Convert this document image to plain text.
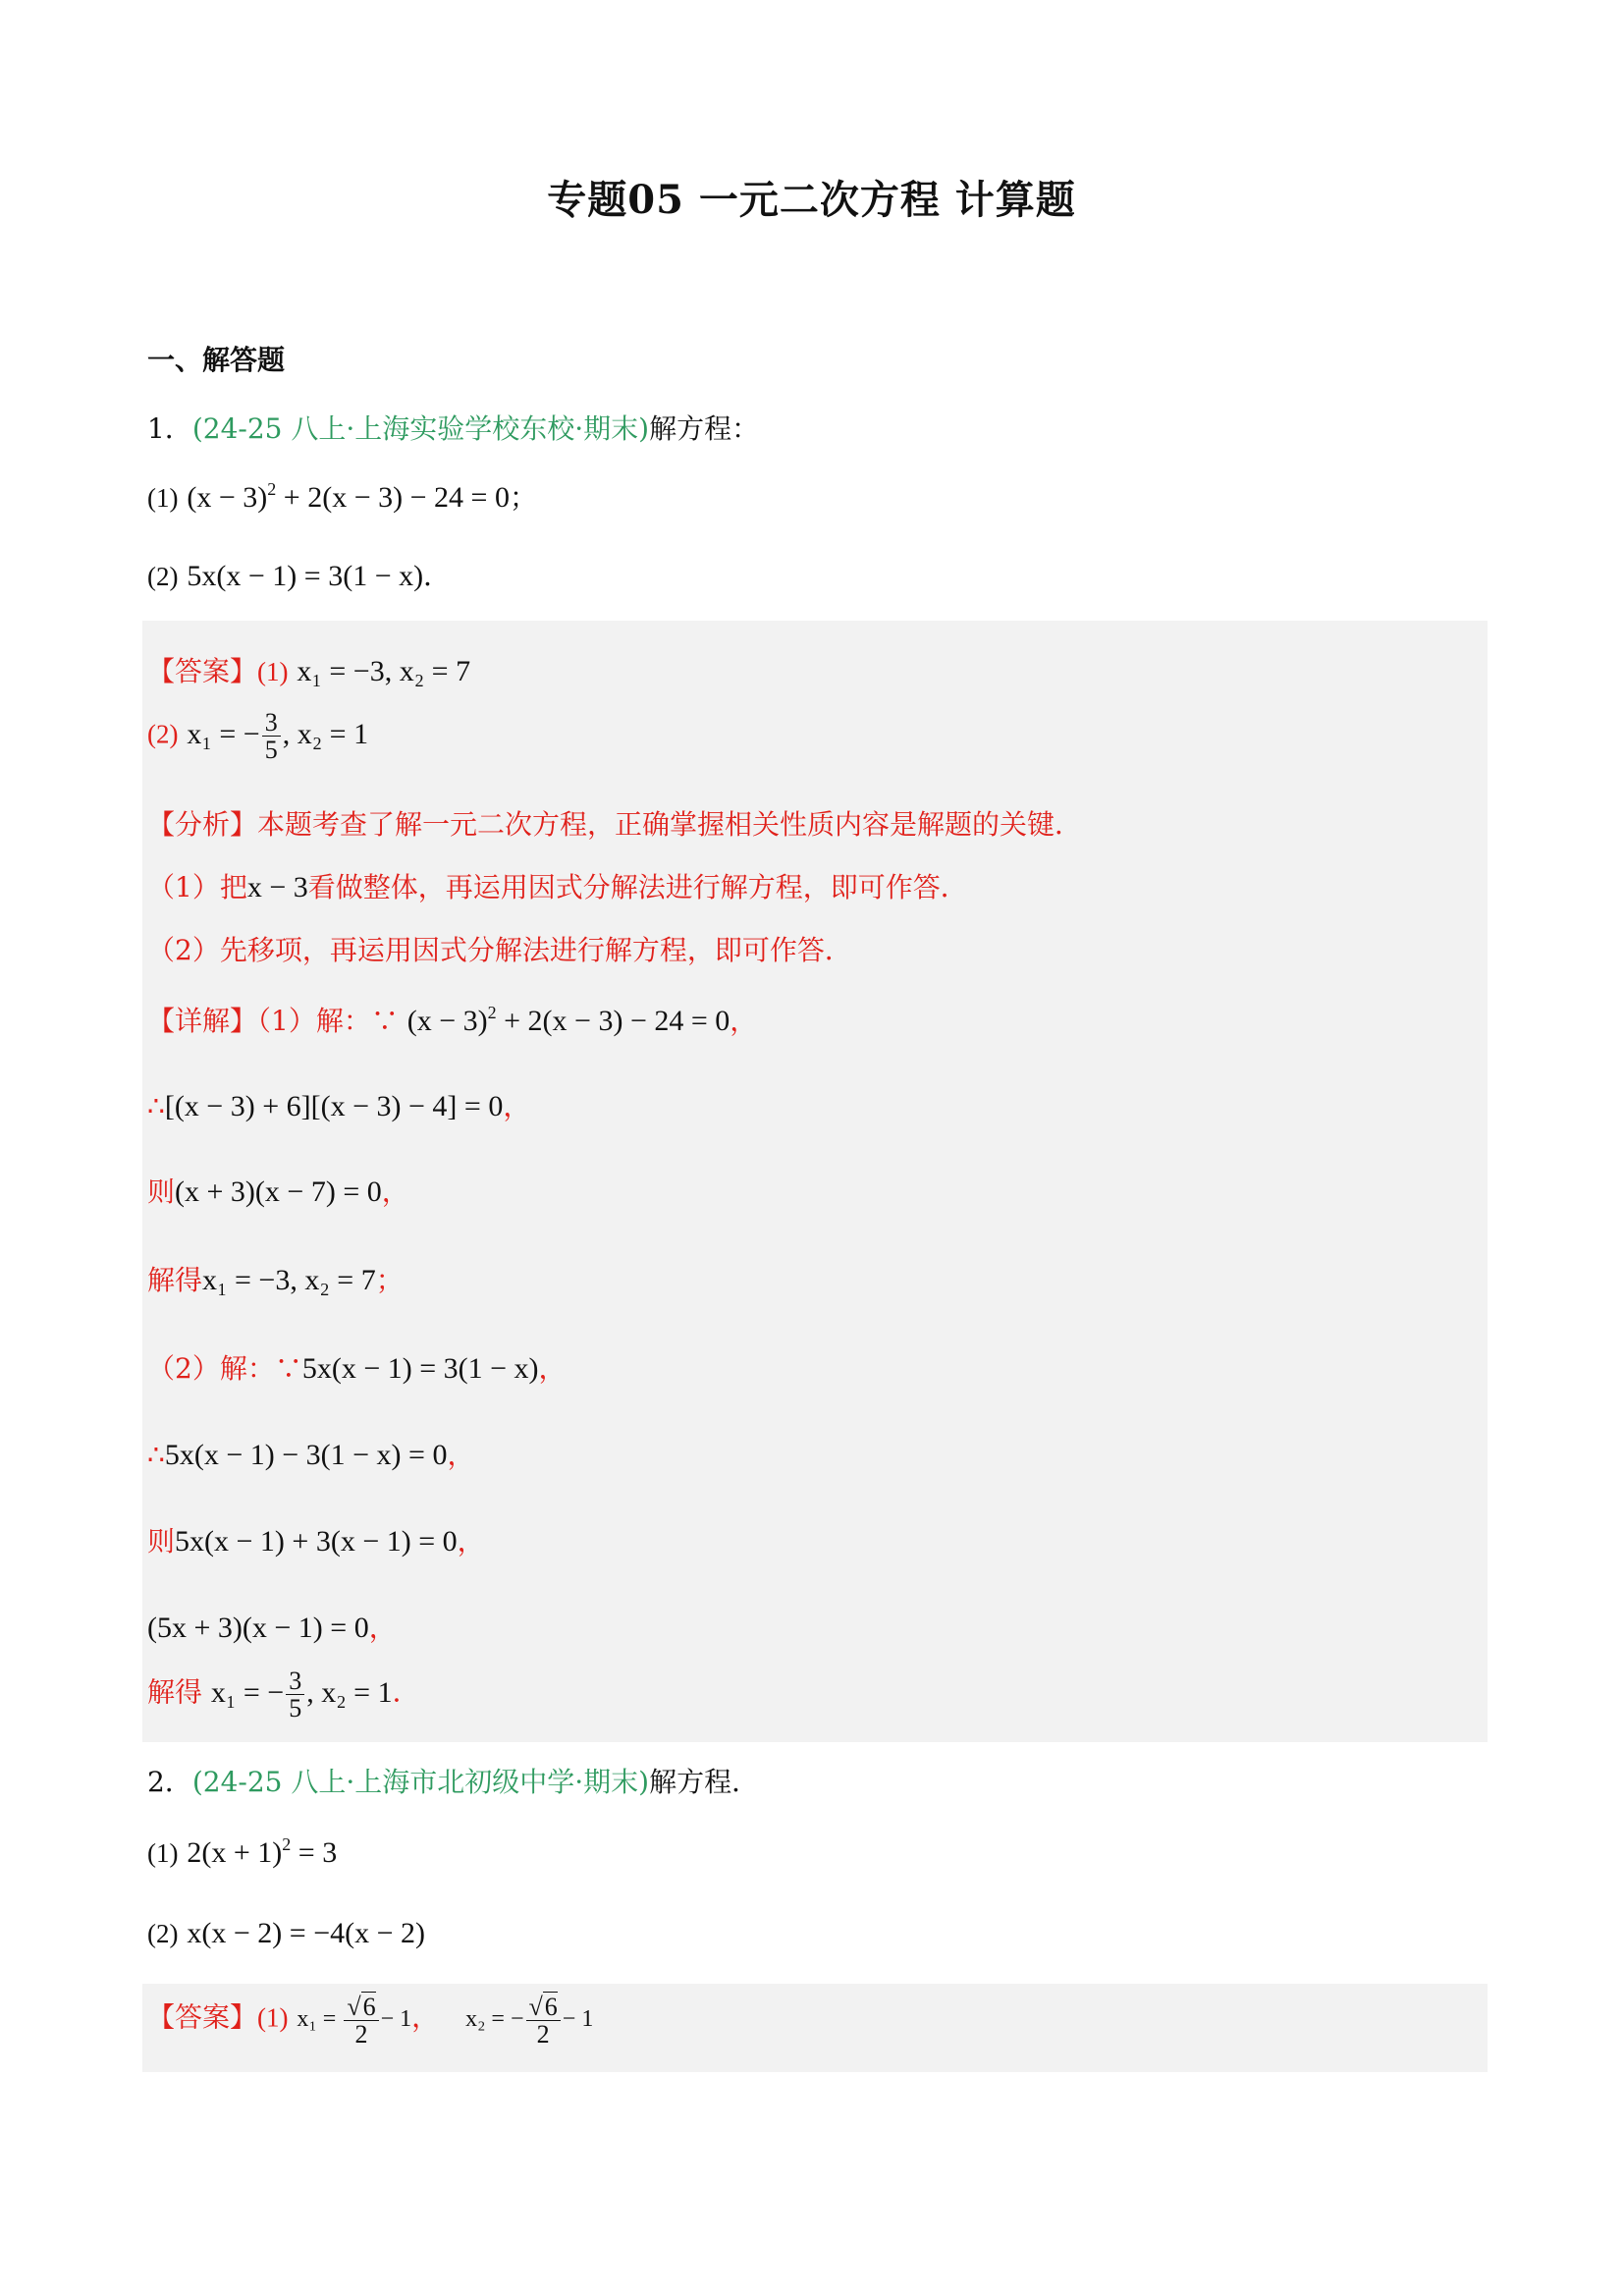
专题05 一元二次方程 计算题
一、解答题
1．(24-25 八上·上海实验学校东校·期末)解方程：
(1) $(x - 3)^2 + 2(x - 3) - 24 = 0$；
(2) 5x(x − 1) = 3(1 − x)．
【答案】(1) x₁ = −3, x₂ = 7
(2) x₁ = − $\frac{3}{5}$ , x₂ = 1
【分析】本题考查了解一元二次方程，正确掌握相关性质内容是解题的关键．
（1）把x − 3看做整体，再运用因式分解法进行解方程，即可作答．
（2）先移项，再运用因式分解法进行解方程，即可作答．
【详解】（1）解：∵ $(x - 3)^2 + 2(x - 3) - 24 = 0$，
∴[(x − 3) + 6][(x − 3) − 4] = 0，
则(x + 3)(x − 7) = 0，
解得x₁ = −3, x₂ = 7；
（2）解：∵5x(x − 1) = 3(1 − x)，
∴5x(x − 1) − 3(1 − x) = 0，
则5x(x − 1) + 3(x − 1) = 0，
(5x + 3)(x − 1) = 0，
解得 x₁ = − $\frac{3}{5}$ , x₂ = 1．
2．(24-25 八上·上海市北初级中学·期末)解方程．
(1) $2(x + 1)^2 = 3$
(2) x(x − 2) = −4(x − 2)
【答案】(1) $x_1 = \frac{√6}{2} - 1$， x₂ = − $\frac{√6}{2} - 1$
